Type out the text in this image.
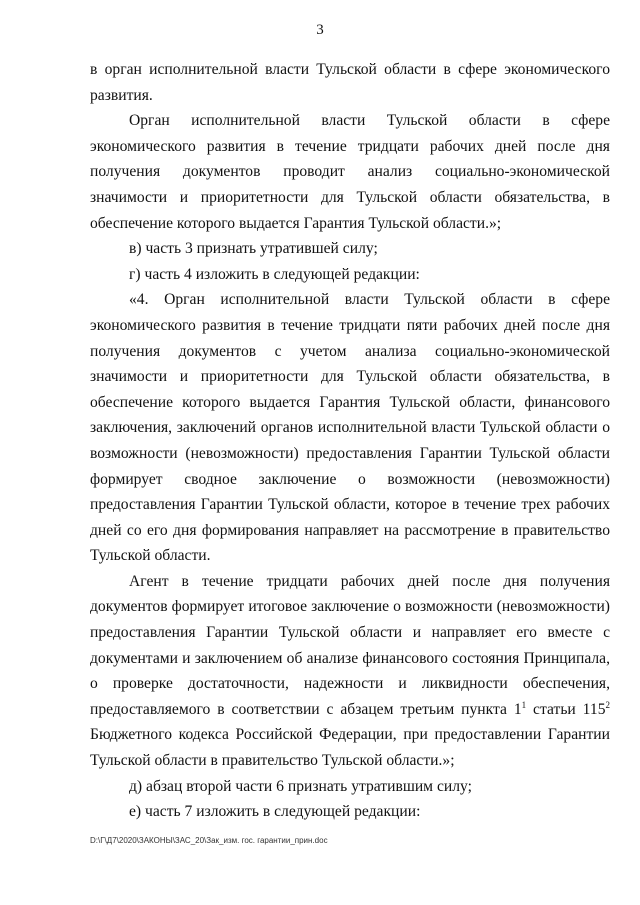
3

в орган исполнительной власти Тульской области в сфере экономического развития.

Орган исполнительной власти Тульской области в сфере экономического развития в течение тридцати рабочих дней после дня получения документов проводит анализ социально-экономической значимости и приоритетности для Тульской области обязательства, в обеспечение которого выдается Гарантия Тульской области.»;

в) часть 3 признать утратившей силу;

г) часть 4 изложить в следующей редакции:

«4. Орган исполнительной власти Тульской области в сфере экономического развития в течение тридцати пяти рабочих дней после дня получения документов с учетом анализа социально-экономической значимости и приоритетности для Тульской области обязательства, в обеспечение которого выдается Гарантия Тульской области, финансового заключения, заключений органов исполнительной власти Тульской области о возможности (невозможности) предоставления Гарантии Тульской области формирует сводное заключение о возможности (невозможности) предоставления Гарантии Тульской области, которое в течение трех рабочих дней со его дня формирования направляет на рассмотрение в правительство Тульской области.

Агент в течение тридцати рабочих дней после дня получения документов формирует итоговое заключение о возможности (невозможности) предоставления Гарантии Тульской области и направляет его вместе с документами и заключением об анализе финансового состояния Принципала, о проверке достаточности, надежности и ликвидности обеспечения, предоставляемого в соответствии с абзацем третьим пункта $1^1$ статьи $115^2$ Бюджетного кодекса Российской Федерации, при предоставлении Гарантии Тульской области в правительство Тульской области.»;

д) абзац второй части 6 признать утратившим силу;

е) часть 7 изложить в следующей редакции:

D:\Г\Д7\2020\ЗАКОНЫ\ЗАС_20\Зак_изм. гос. гарантии_прин.doc
